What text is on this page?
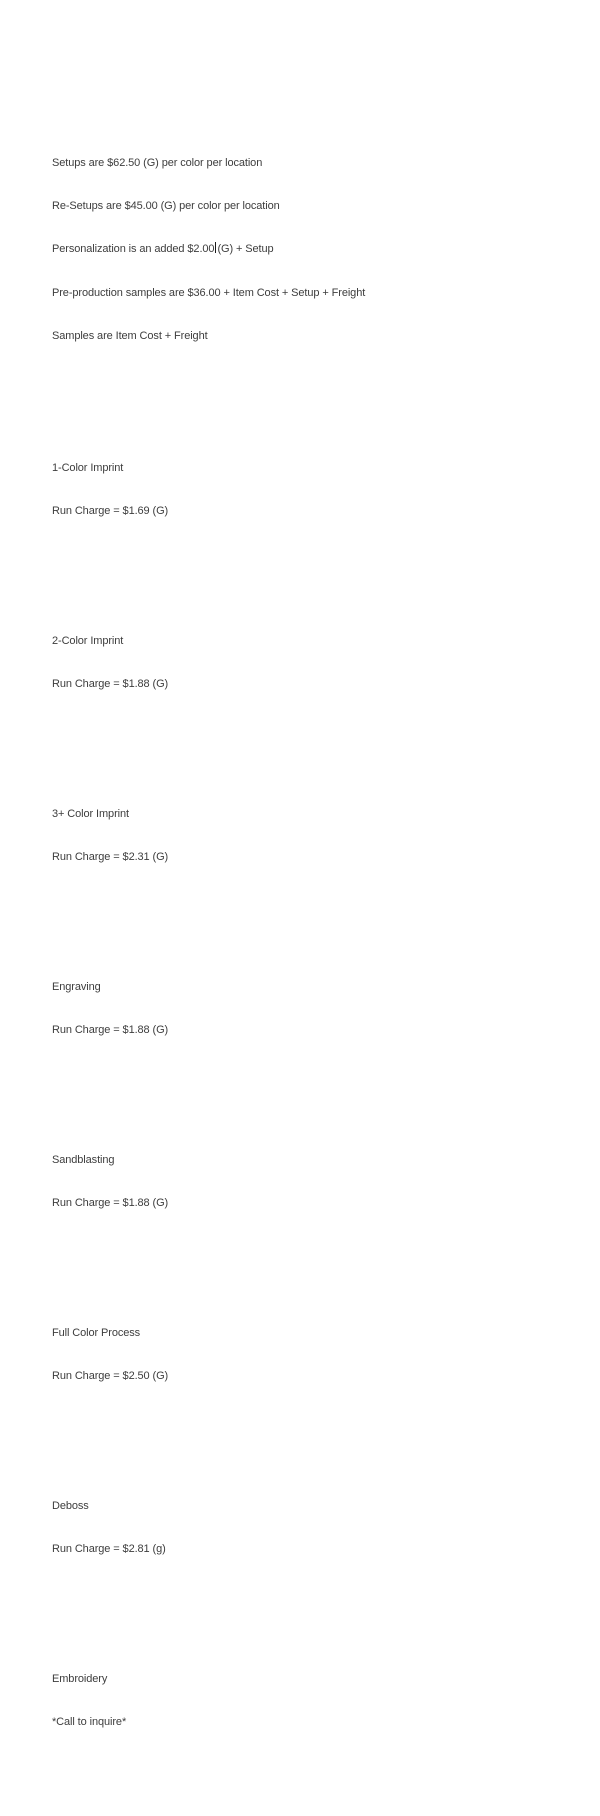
Setups are $62.50 (G) per color per location

Re-Setups are $45.00 (G) per color per location

Personalization is an added $2.00 (G) + Setup

Pre-production samples are $36.00 + Item Cost + Setup + Freight

Samples are Item Cost + Freight

1-Color Imprint

Run Charge = $1.69 (G)

2-Color Imprint

Run Charge = $1.88 (G)

3+ Color Imprint

Run Charge = $2.31 (G)

Engraving

Run Charge = $1.88 (G)

Sandblasting

Run Charge = $1.88 (G)

Full Color Process

Run Charge = $2.50 (G)

Deboss

Run Charge = $2.81 (g)

Embroidery

*Call to inquire*
